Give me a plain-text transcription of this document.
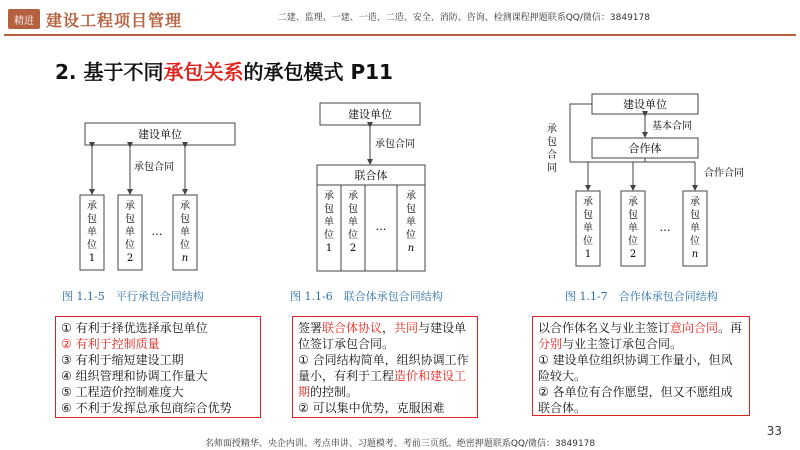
精进 建设工程项目管理	二建、监理、一建、一造、二造、安全、消防、咨询、检测课程押题联系QQ/微信：3849178
2. 基于不同承包关系的承包模式 P11
建设单位
承包合同
承包单位 1
承包单位 2
承包单位 n
…
图 1.1-5　平行承包合同结构
建设单位
承包合同
联合体
承包单位 1
承包单位 2
承包单位 n
…
图 1.1-6　联合体承包合同结构
建设单位
基本合同
合作体
承包合同	合作合同
承包单位 1
承包单位 2
承包单位 n
…
图 1.1-7　合作体承包合同结构
① 有利于择优选择承包单位
② 有利于控制质量
③ 有利于缩短建设工期
④ 组织管理和协调工作量大
⑤ 工程造价控制难度大
⑥ 不利于发挥总承包商综合优势
签署联合体协议，共同与建设单位签订承包合同。
① 合同结构简单，组织协调工作量小，有利于工程造价和建设工期的控制。
② 可以集中优势，克服困难
以合作体名义与业主签订意向合同。再分别与业主签订承包合同。
① 建设单位组织协调工作量小，但风险较大。
② 各单位有合作愿望，但又不愿组成联合体。
33
名师面授精华、央企内训、考点串讲、习题模考、考前三页纸、绝密押题联系QQ/微信：3849178
